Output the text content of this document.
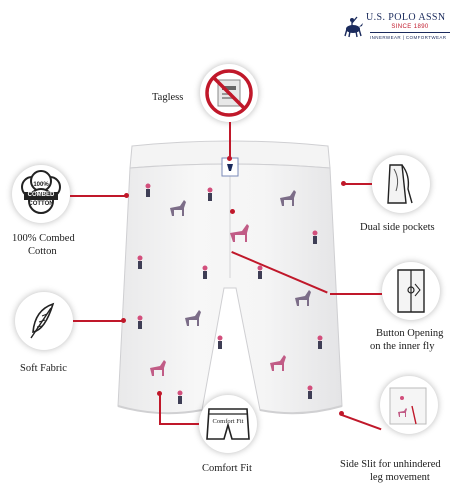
U.S. POLO ASSN
SINCE 1890
INNERWEAR | COMFORTWEAR
Tagless
100%
COMBED
COTTON
100% Combed
Cotton
Dual side pockets
Button Opening
on the inner fly
Soft Fabric
Comfort Fit
Comfort Fit	Side Slit for unhindered
leg movement
